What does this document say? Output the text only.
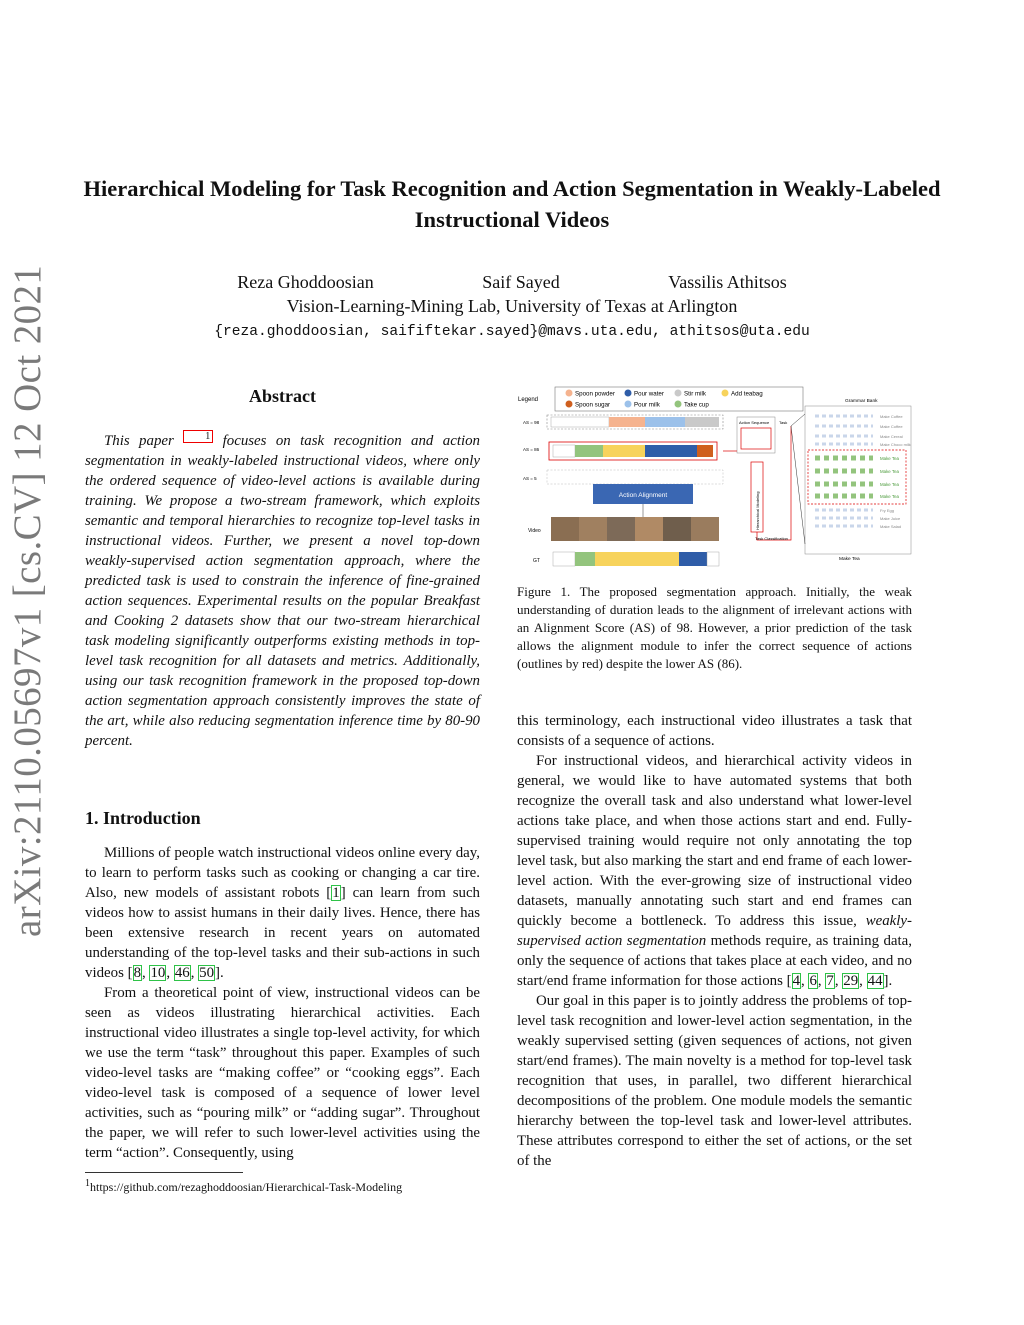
Hierarchical Modeling for Task Recognition and Action Segmentation in Weakly-Labeled Instructional Videos
Reza Ghoddoosian	Saif Sayed	Vassilis Athitsos
Vision-Learning-Mining Lab, University of Texas at Arlington
{reza.ghoddoosian, saififtekar.sayed}@mavs.uta.edu, athitsos@uta.edu
arXiv:2110.05697v1 [cs.CV] 12 Oct 2021	Abstract

This paper	1 focuses on task recognition and action segmentation in weakly-labeled instructional videos, where only the ordered sequence of video-level actions is available during training. We propose a two-stream framework, which exploits semantic and temporal hierarchies to recognize top-level tasks in instructional videos. Further, we present a novel top-down weakly-supervised action segmentation approach, where the predicted task is used to constrain the inference of fine-grained action sequences. Experimental results on the popular Breakfast and Cooking 2 datasets show that our two-stream hierarchical task modeling significantly outperforms existing methods in top-level task recognition for all datasets and metrics. Additionally, using our task recognition framework in the proposed top-down action segmentation approach consistently improves the state of the art, while also reducing segmentation inference time by 80-90 percent.

1. Introduction

Millions of people watch instructional videos online every day, to learn to perform tasks such as cooking or changing a car tire. Also, new models of assistant robots [1] can learn from such videos how to assist humans in their daily lives. Hence, there has been extensive research in recent years on automated understanding of the top-level tasks and their sub-actions in such videos [8, 10, 46, 50].

From a theoretical point of view, instructional videos can be seen as videos illustrating hierarchical activities. Each instructional video illustrates a single top-level activity, for which we use the term “task” throughout this paper. Examples of such video-level tasks are “making coffee” or “cooking eggs”. Each video-level task is composed of a sequence of lower level activities, such as “pouring milk” or “adding sugar”. Throughout the paper, we will refer to such lower-level activities using the term “action”. Consequently, using

$^1$https://github.com/rezaghoddoosian/Hierarchical-Task-Modeling
Legend
Spoon powder	Pour water	Stir milk	Add teabag
Spoon sugar	Pour milk	Take cup
AS = 98
AS = 86
AS = 5
Action Alignment
Action Sequence Task
Hierarchical Modeling
Task Classification
Grammar Bank
Make Coffee
Make Coffee
Make Cereal
Make Choco milk
Make Tea
Make Tea
Make Tea
Make Tea
Fry Egg
Make Juice
Make Salad
Make Tea
Video
GT

Figure 1. The proposed segmentation approach. Initially, the weak understanding of duration leads to the alignment of irrelevant actions with an Alignment Score (AS) of 98. However, a prior prediction of the task allows the alignment module to infer the correct sequence of actions (outlines by red) despite the lower AS (86).

this terminology, each instructional video illustrates a task that consists of a sequence of actions.

For instructional videos, and hierarchical activity videos in general, we would like to have automated systems that both recognize the overall task and also understand what lower-level actions take place, and when those actions start and end. Fully-supervised training would require not only annotating the top level task, but also marking the start and end frame of each lower-level action. With the ever-growing size of instructional video datasets, manually annotating such start and end frames can quickly become a bottleneck. To address this issue, weakly-supervised action segmentation methods require, as training data, only the sequence of actions that takes place at each video, and no start/end frame information for those actions [4, 6, 7, 29, 44].

Our goal in this paper is to jointly address the problems of top-level task recognition and lower-level action segmentation, in the weakly supervised setting (given sequences of actions, not given start/end frames). The main novelty is a method for top-level task recognition that uses, in parallel, two different hierarchical decompositions of the problem. One module models the semantic hierarchy between the top-level task and lower-level attributes. These attributes correspond to either the set of actions, or the set of the
